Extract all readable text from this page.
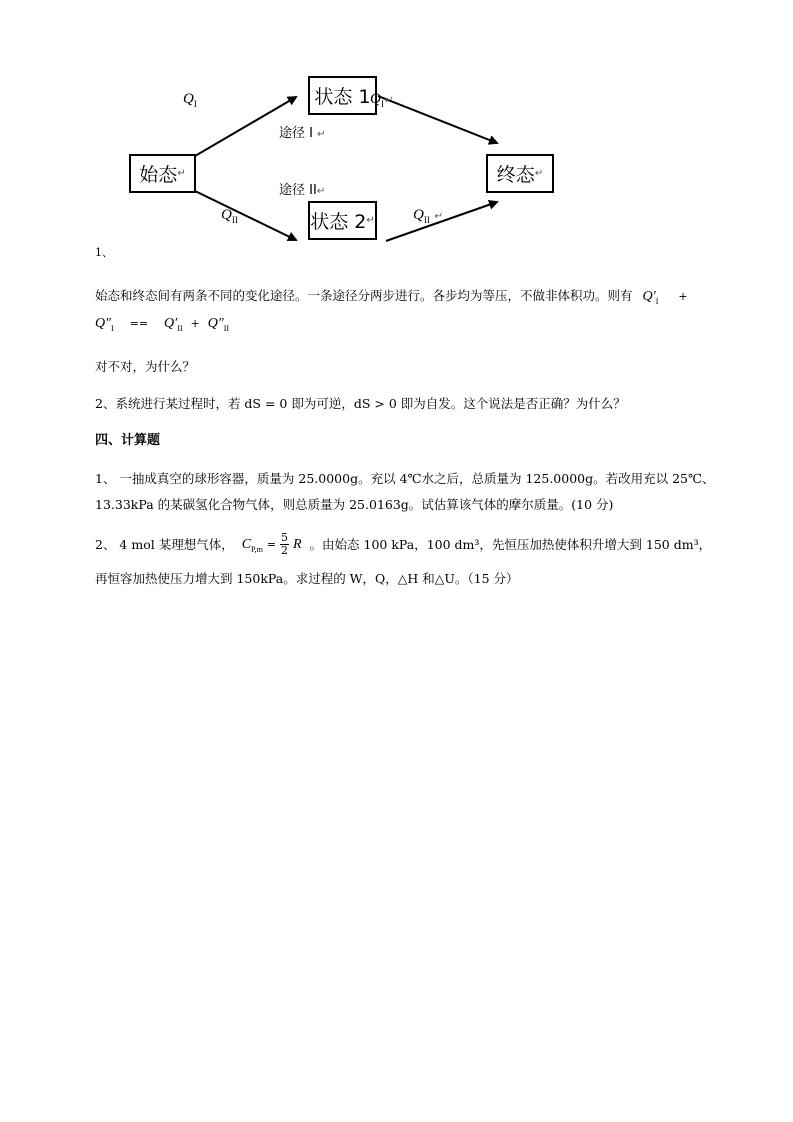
始态 ↵
状态 1
状态 2 ↵
终态 ↵
途径 I ↵
途径 II↵
$Q_I$	$Q_I↵$
$Q_{II}$	$Q_{II}$ ↵
1、
始态和终态间有两条不同的变化途径。一条途径分两步进行。各步均为等压，不做非体积功。则有 $Q'_I$ +
$Q''_I == Q'_{II} + Q''_{II}$
对不对，为什么？
2、系统进行某过程时，若 dS = 0 即为可逆，dS > 0 即为自发。这个说法是否正确？为什么？
四、计算题
1、 一抽成真空的球形容器，质量为 25.0000g。充以 4℃水之后，总质量为 125.0000g。若改用充以 25℃、
13.33kPa 的某碳氢化合物气体，则总质量为 25.0163g。试估算该气体的摩尔质量。(10 分)
2、 4 mol 某理想气体， $C_{P,m} = \frac{5}{2}$ R 。由始态 100 kPa，100 dm³，先恒压加热使体积升增大到 150 dm³，
再恒容加热使压力增大到 150kPa。求过程的 W，Q，△H 和△U。（15 分）
